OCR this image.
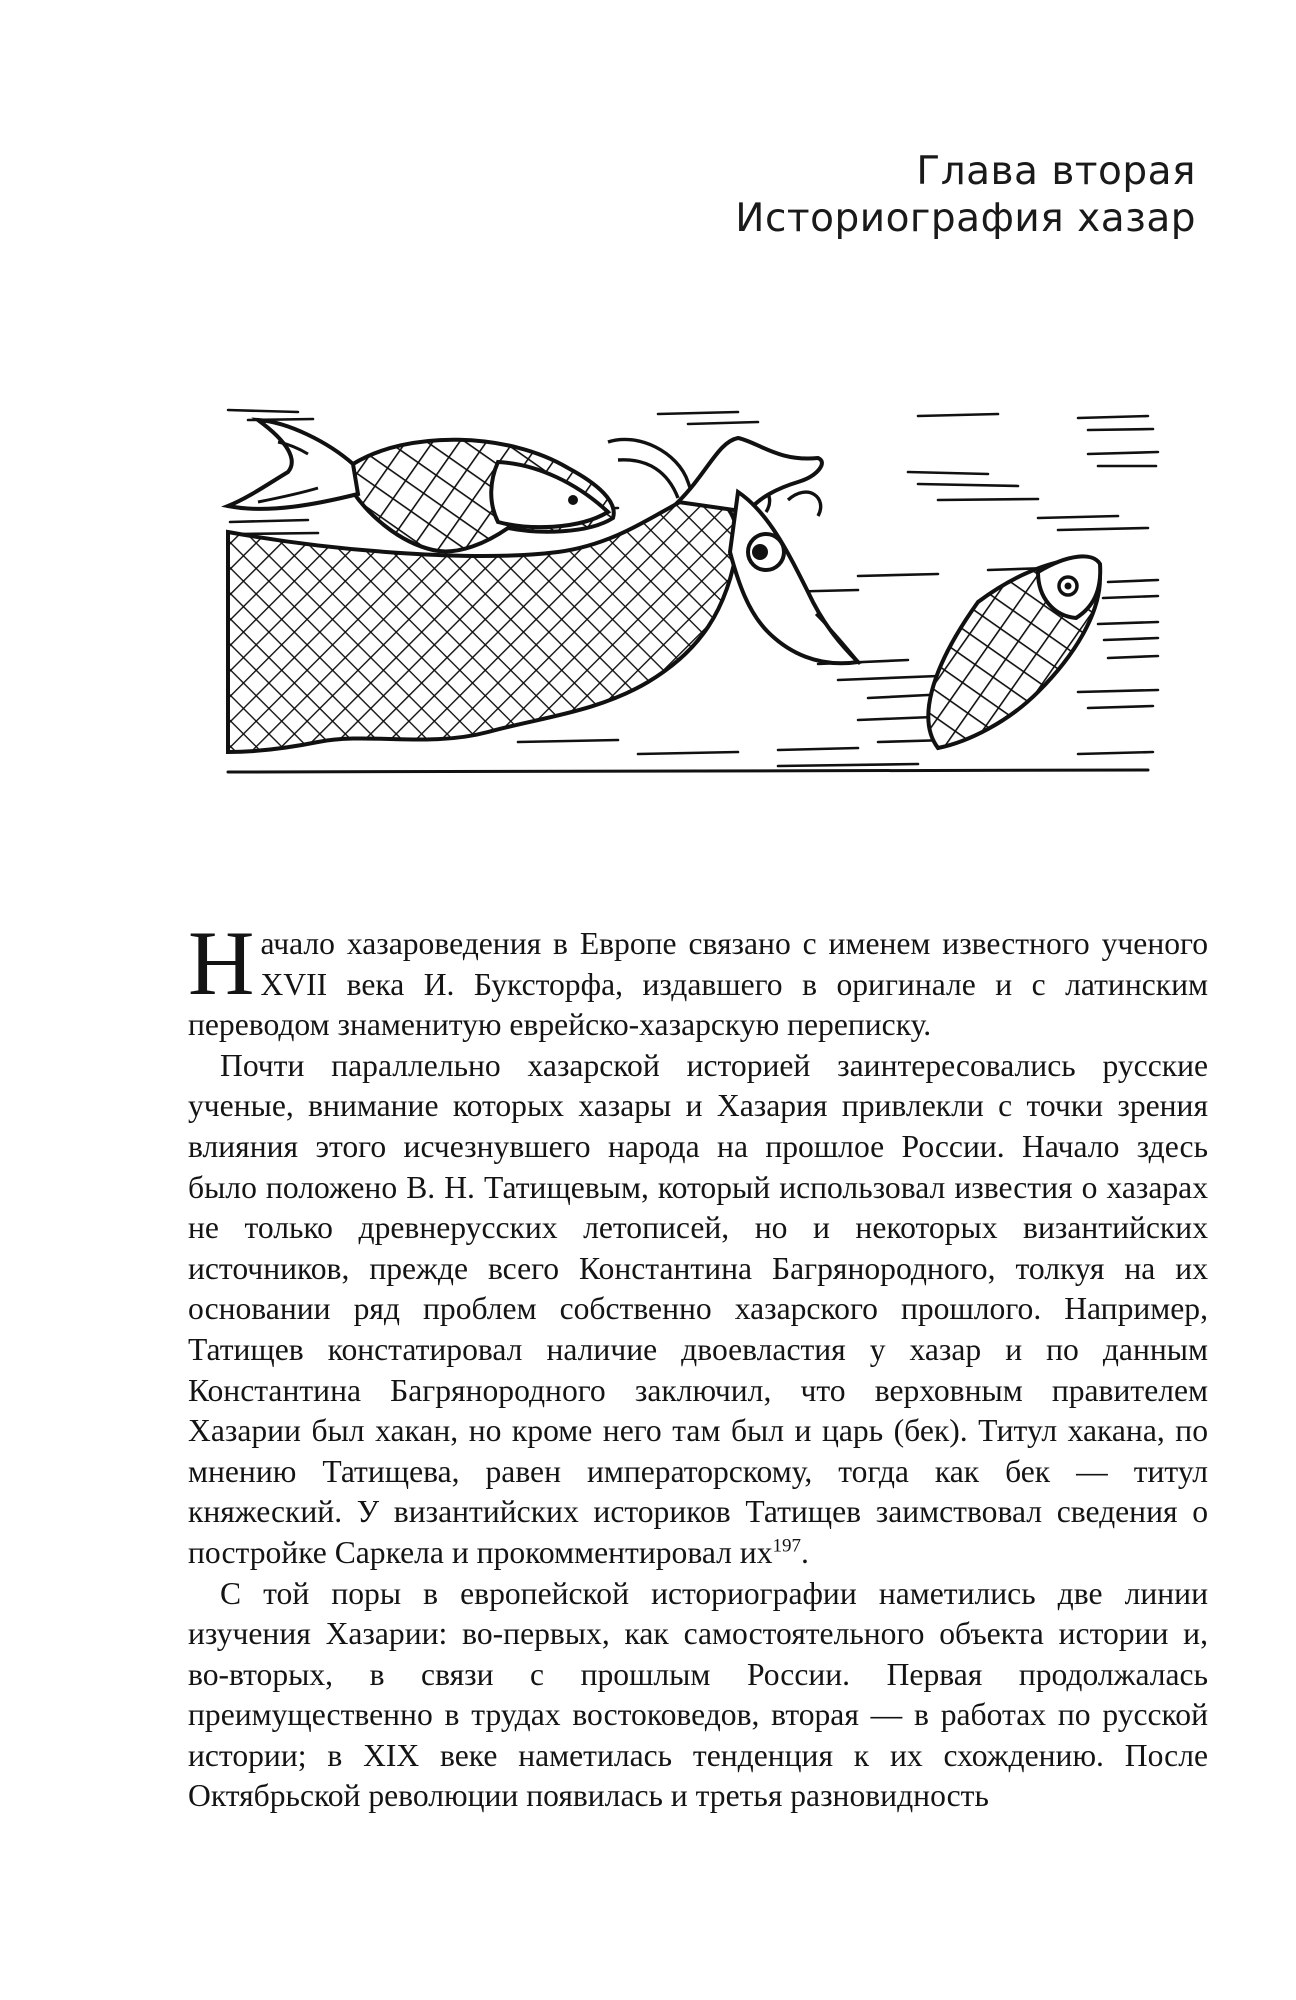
Глава вторая
Историография хазар

Начало хазароведения в Европе связано с именем известного ученого XVII века И. Буксторфа, издавшего в оригинале и с латинским переводом знаменитую еврейско-хазарскую переписку.

Почти параллельно хазарской историей заинтересовались русские ученые, внимание которых хазары и Хазария привлекли с точки зрения влияния этого исчезнувшего народа на прошлое России. Начало здесь было положено В. Н. Татищевым, который использовал известия о хазарах не только древнерусских летописей, но и некоторых византийских источников, прежде всего Константина Багрянородного, толкуя на их основании ряд проблем собственно хазарского прошлого. Например, Татищев констатировал наличие двоевластия у хазар и по данным Константина Багрянородного заключил, что верховным правителем Хазарии был хакан, но кроме него там был и царь (бек). Титул хакана, по мнению Татищева, равен императорскому, тогда как бек — титул княжеский. У византийских историков Татищев заимствовал сведения о постройке Саркела и прокомментировал $их^{197}$.

С той поры в европейской историографии наметились две линии изучения Хазарии: во-первых, как самостоятельного объекта истории и, во-вторых, в связи с прошлым России. Первая продолжалась преимущественно в трудах востоковедов, вторая — в работах по русской истории; в XIX веке наметилась тенденция к их схождению. После Октябрьской революции появилась и третья разновидность
